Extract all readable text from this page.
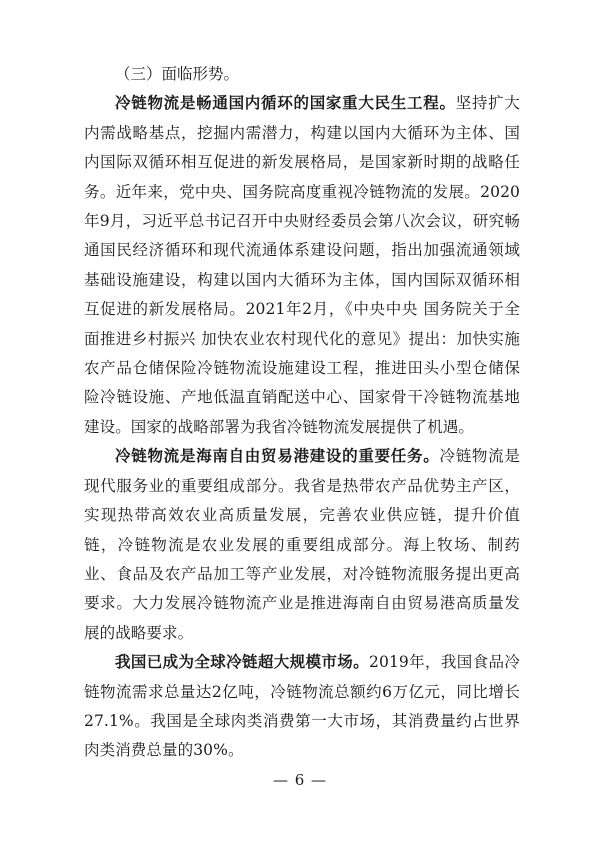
（三）面临形势。

冷链物流是畅通国内循环的国家重大民生工程。坚持扩大内需战略基点，挖掘内需潜力，构建以国内大循环为主体、国内国际双循环相互促进的新发展格局，是国家新时期的战略任务。近年来，党中央、国务院高度重视冷链物流的发展。2020年9月，习近平总书记召开中央财经委员会第八次会议，研究畅通国民经济循环和现代流通体系建设问题，指出加强流通领域基础设施建设，构建以国内大循环为主体，国内国际双循环相互促进的新发展格局。2021年2月，《中央中央 国务院关于全面推进乡村振兴 加快农业农村现代化的意见》提出：加快实施农产品仓储保险冷链物流设施建设工程，推进田头小型仓储保险冷链设施、产地低温直销配送中心、国家骨干冷链物流基地建设。国家的战略部署为我省冷链物流发展提供了机遇。

冷链物流是海南自由贸易港建设的重要任务。冷链物流是现代服务业的重要组成部分。我省是热带农产品优势主产区，实现热带高效农业高质量发展，完善农业供应链，提升价值链，冷链物流是农业发展的重要组成部分。海上牧场、制药业、食品及农产品加工等产业发展，对冷链物流服务提出更高要求。大力发展冷链物流产业是推进海南自由贸易港高质量发展的战略要求。

我国已成为全球冷链超大规模市场。2019年，我国食品冷链物流需求总量达2亿吨，冷链物流总额约6万亿元，同比增长27.1%。我国是全球肉类消费第一大市场，其消费量约占世界肉类消费总量的30%。

— 6 —
